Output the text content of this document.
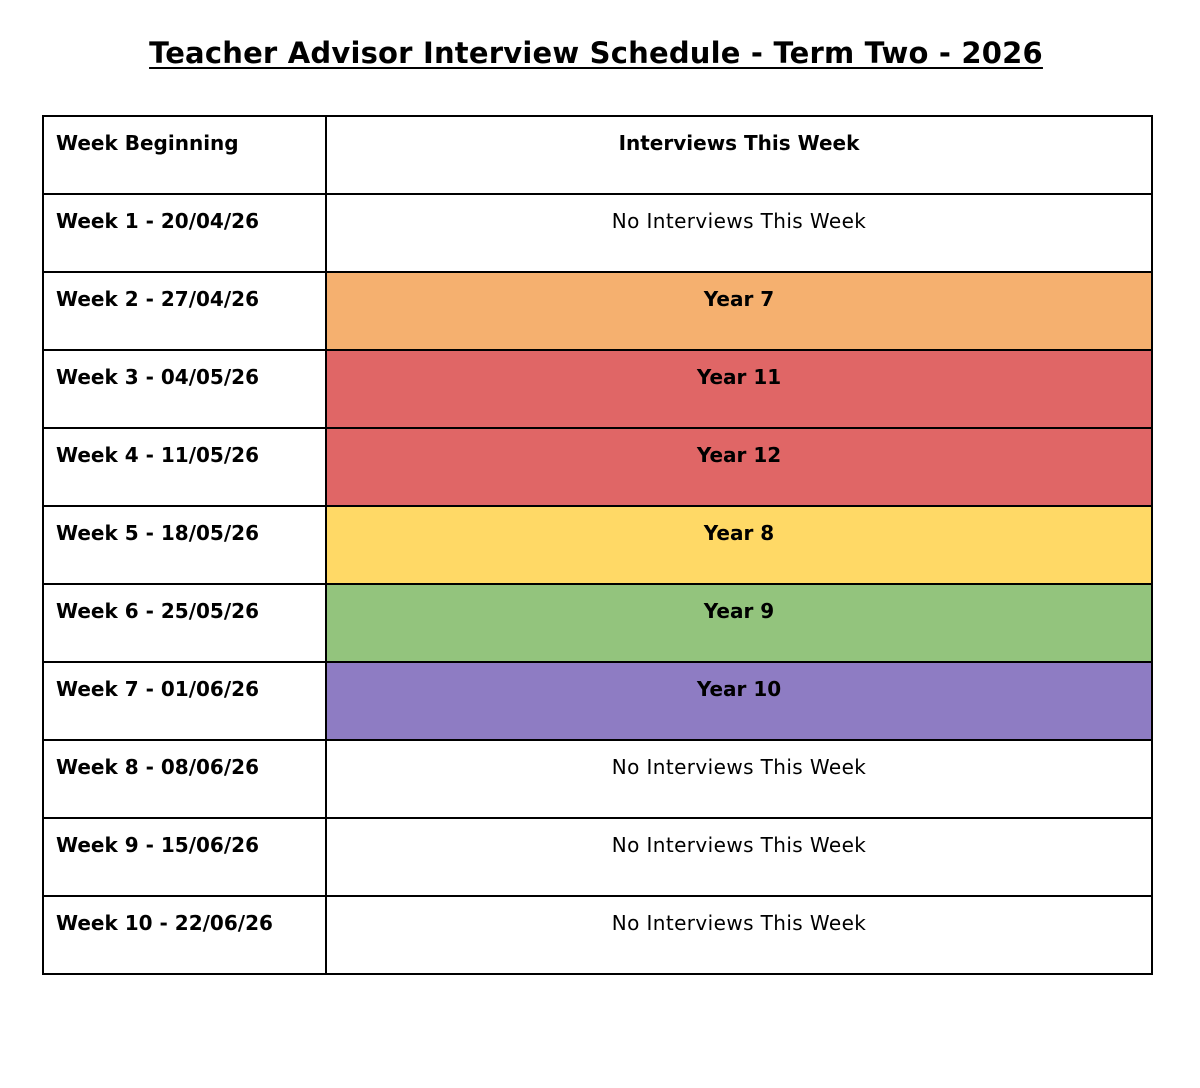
Teacher Advisor Interview Schedule - Term Two - 2026
Week Beginning	Interviews This Week
Week 1 - 20/04/26	No Interviews This Week
Week 2 - 27/04/26	Year 7
Week 3 - 04/05/26	Year 11
Week 4 - 11/05/26	Year 12
Week 5 - 18/05/26	Year 8
Week 6 - 25/05/26	Year 9
Week 7 - 01/06/26	Year 10
Week 8 - 08/06/26	No Interviews This Week
Week 9 - 15/06/26	No Interviews This Week
Week 10 - 22/06/26	No Interviews This Week
